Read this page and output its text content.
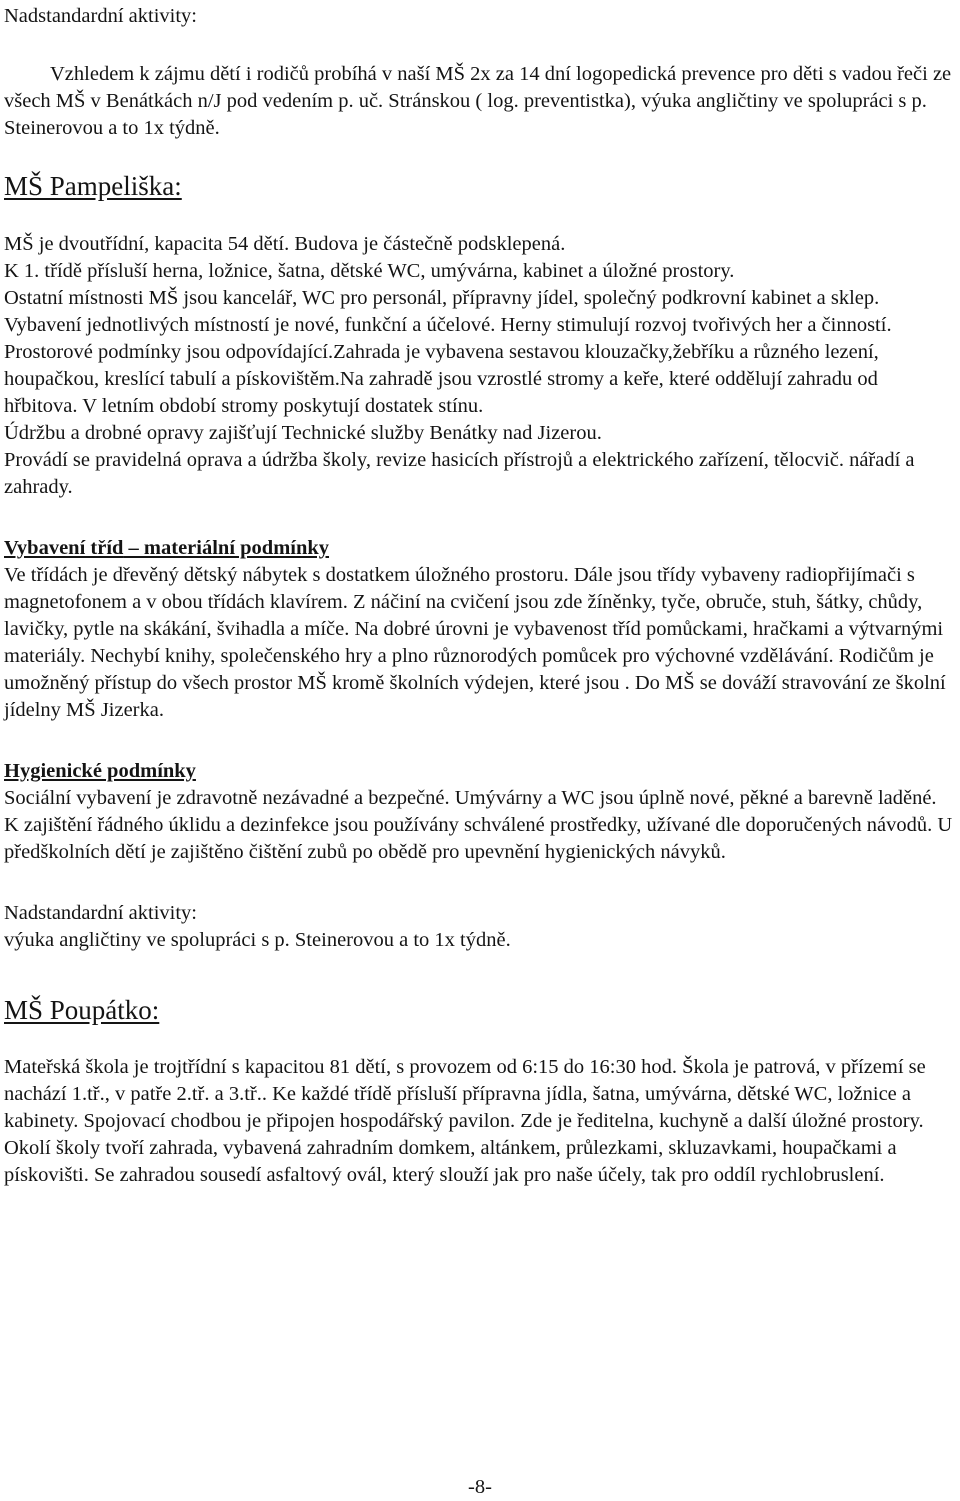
Nadstandardní aktivity:

Vzhledem k zájmu dětí i rodičů probíhá v naší MŠ 2x za 14 dní logopedická prevence pro děti s vadou řeči ze všech MŠ v Benátkách n/J pod vedením p. uč. Stránskou ( log. preventistka), výuka angličtiny ve spolupráci s p. Steinerovou a to 1x týdně.

MŠ Pampeliška:

MŠ je dvoutřídní, kapacita 54 dětí. Budova je částečně podsklepená.

K 1. třídě přísluší herna, ložnice, šatna, dětské WC, umývárna, kabinet a úložné prostory.

Ostatní místnosti MŠ jsou kancelář, WC pro personál, přípravny jídel, společný podkrovní kabinet a sklep.

Vybavení jednotlivých místností je nové, funkční a účelové. Herny stimulují rozvoj tvořivých her a činností. Prostorové podmínky jsou odpovídající.Zahrada je vybavena sestavou klouzačky,žebříku a různého lezení, houpačkou, kreslící tabulí a pískovištěm.Na zahradě jsou vzrostlé stromy a keře, které oddělují zahradu od hřbitova. V letním období stromy poskytují dostatek stínu.

Údržbu a drobné opravy zajišťují Technické služby Benátky nad Jizerou.

Provádí se pravidelná oprava a údržba školy, revize hasicích přístrojů a elektrického zařízení, tělocvič. nářadí a zahrady.

Vybavení tříd – materiální podmínky

Ve třídách je dřevěný dětský nábytek s dostatkem úložného prostoru. Dále jsou třídy vybaveny radiopřijímači s magnetofonem a v obou třídách klavírem. Z náčiní na cvičení jsou zde žíněnky, tyče, obruče, stuh, šátky, chůdy, lavičky, pytle na skákání, švihadla a míče. Na dobré úrovni je vybavenost tříd pomůckami, hračkami a výtvarnými materiály. Nechybí knihy, společenského hry a plno různorodých pomůcek pro výchovné vzdělávání. Rodičům je umožněný přístup do všech prostor MŠ kromě školních výdejen, které jsou . Do MŠ se dováží stravování ze školní jídelny MŠ Jizerka.

Hygienické podmínky

Sociální vybavení je zdravotně nezávadné a bezpečné. Umývárny a WC jsou úplně nové, pěkné a barevně laděné. K zajištění řádného úklidu a dezinfekce jsou používány schválené prostředky, užívané dle doporučených návodů. U předškolních dětí je zajištěno čištění zubů po obědě pro upevnění hygienických návyků.

Nadstandardní aktivity:

výuka angličtiny ve spolupráci s p. Steinerovou a to 1x týdně.

MŠ Poupátko:

Mateřská škola je trojtřídní s kapacitou 81 dětí, s provozem od 6:15 do 16:30 hod. Škola je patrová, v přízemí se nachází 1.tř., v patře 2.tř. a 3.tř.. Ke každé třídě přísluší přípravna jídla, šatna, umývárna, dětské WC, ložnice a kabinety. Spojovací chodbou je připojen hospodářský pavilon. Zde je ředitelna, kuchyně a další úložné prostory. Okolí školy tvoří zahrada, vybavená zahradním domkem, altánkem, průlezkami, skluzavkami, houpačkami a pískovišti. Se zahradou sousedí asfaltový ovál, který slouží jak pro naše účely, tak pro oddíl rychlobruslení.

-8-
